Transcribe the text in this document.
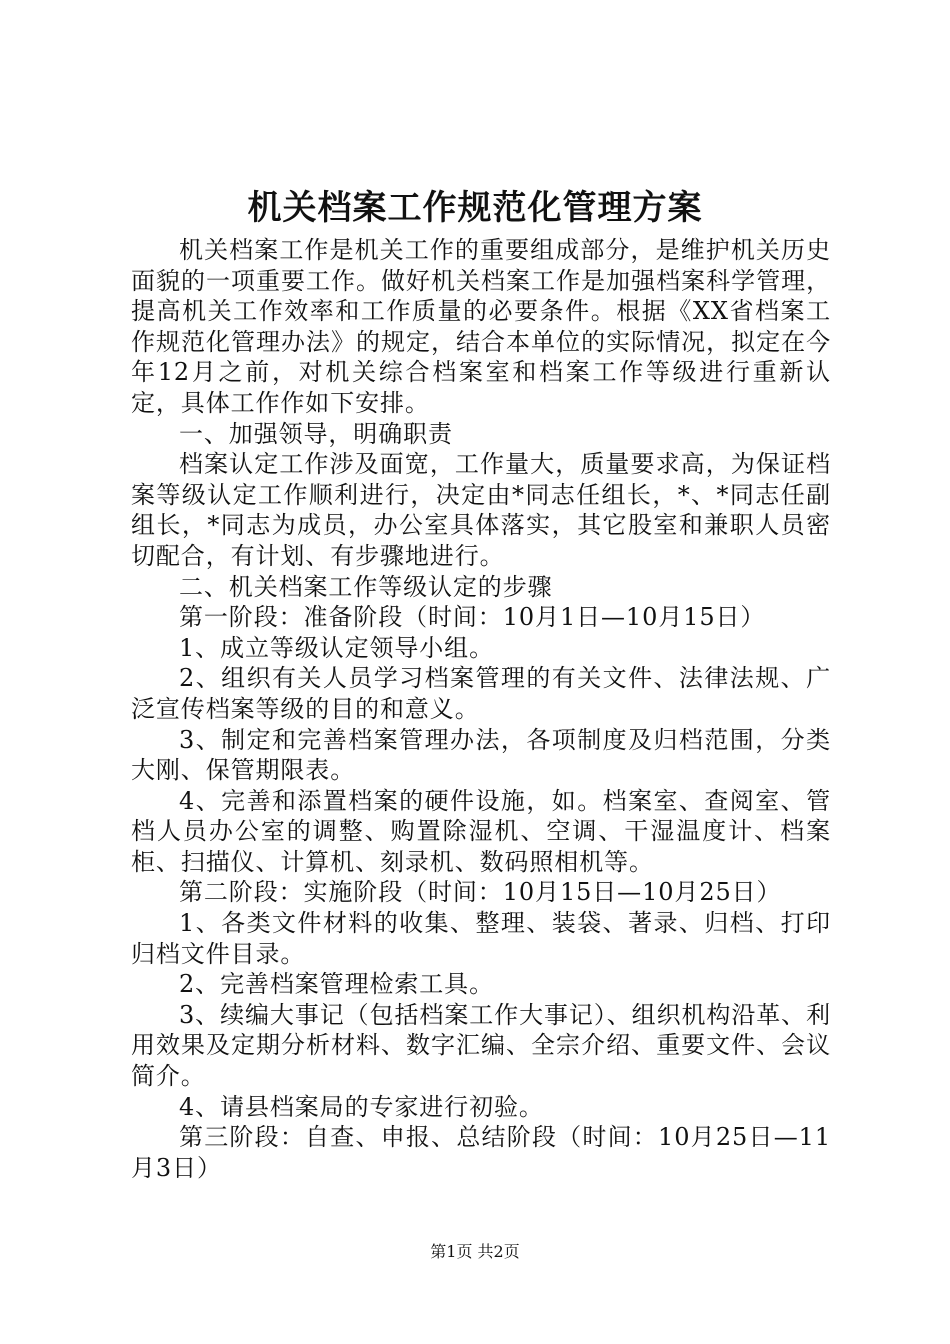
机关档案工作规范化管理方案

机关档案工作是机关工作的重要组成部分，是维护机关历史面貌的一项重要工作。做好机关档案工作是加强档案科学管理，提高机关工作效率和工作质量的必要条件。根据《XX省档案工作规范化管理办法》的规定，结合本单位的实际情况，拟定在今年12月之前，对机关综合档案室和档案工作等级进行重新认定，具体工作作如下安排。

一、加强领导，明确职责

档案认定工作涉及面宽，工作量大，质量要求高，为保证档案等级认定工作顺利进行，决定由*同志任组长，*、*同志任副组长，*同志为成员，办公室具体落实，其它股室和兼职人员密切配合，有计划、有步骤地进行。

二、机关档案工作等级认定的步骤

第一阶段：准备阶段（时间：10月1日—10月15日）

1、成立等级认定领导小组。

2、组织有关人员学习档案管理的有关文件、法律法规、广泛宣传档案等级的目的和意义。

3、制定和完善档案管理办法，各项制度及归档范围，分类大刚、保管期限表。

4、完善和添置档案的硬件设施，如。档案室、查阅室、管档人员办公室的调整、购置除湿机、空调、干湿温度计、档案柜、扫描仪、计算机、刻录机、数码照相机等。

第二阶段：实施阶段（时间：10月15日—10月25日）

1、各类文件材料的收集、整理、装袋、著录、归档、打印归档文件目录。

2、完善档案管理检索工具。

3、续编大事记（包括档案工作大事记）、组织机构沿革、利用效果及定期分析材料、数字汇编、全宗介绍、重要文件、会议简介。

4、请县档案局的专家进行初验。

第三阶段：自查、申报、总结阶段（时间：10月25日—11月3日）

第1页 共2页
